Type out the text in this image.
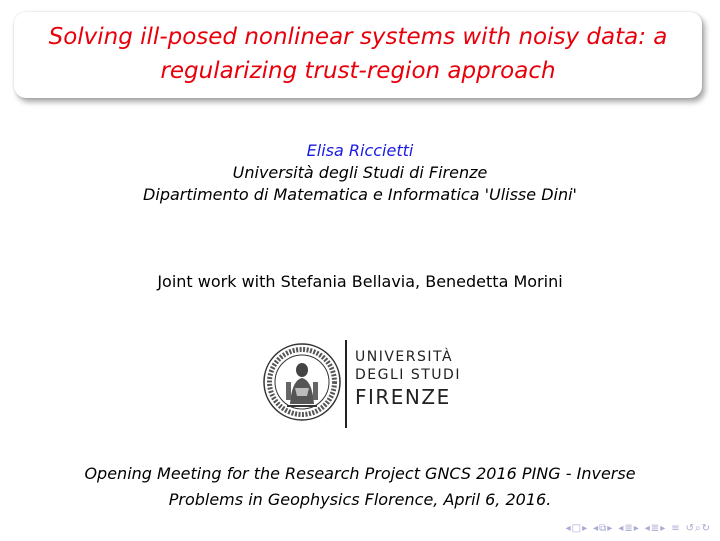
Solving ill-posed nonlinear systems with noisy data: a
regularizing trust-region approach
Elisa Riccietti
Università degli Studi di Firenze
Dipartimento di Matematica e Informatica 'Ulisse Dini'
Joint work with Stefania Bellavia, Benedetta Morini
UNIVERSITÀ
DEGLI STUDI
FIRENZE
Opening Meeting for the Research Project GNCS 2016 PING - Inverse
Problems in Geophysics Florence, April 6, 2016.
◂ □ ▸ ◂ ⧉ ▸ ◂ ≣ ▸ ◂ ≣ ▸ ≡ ↺ ⌕ ↻
